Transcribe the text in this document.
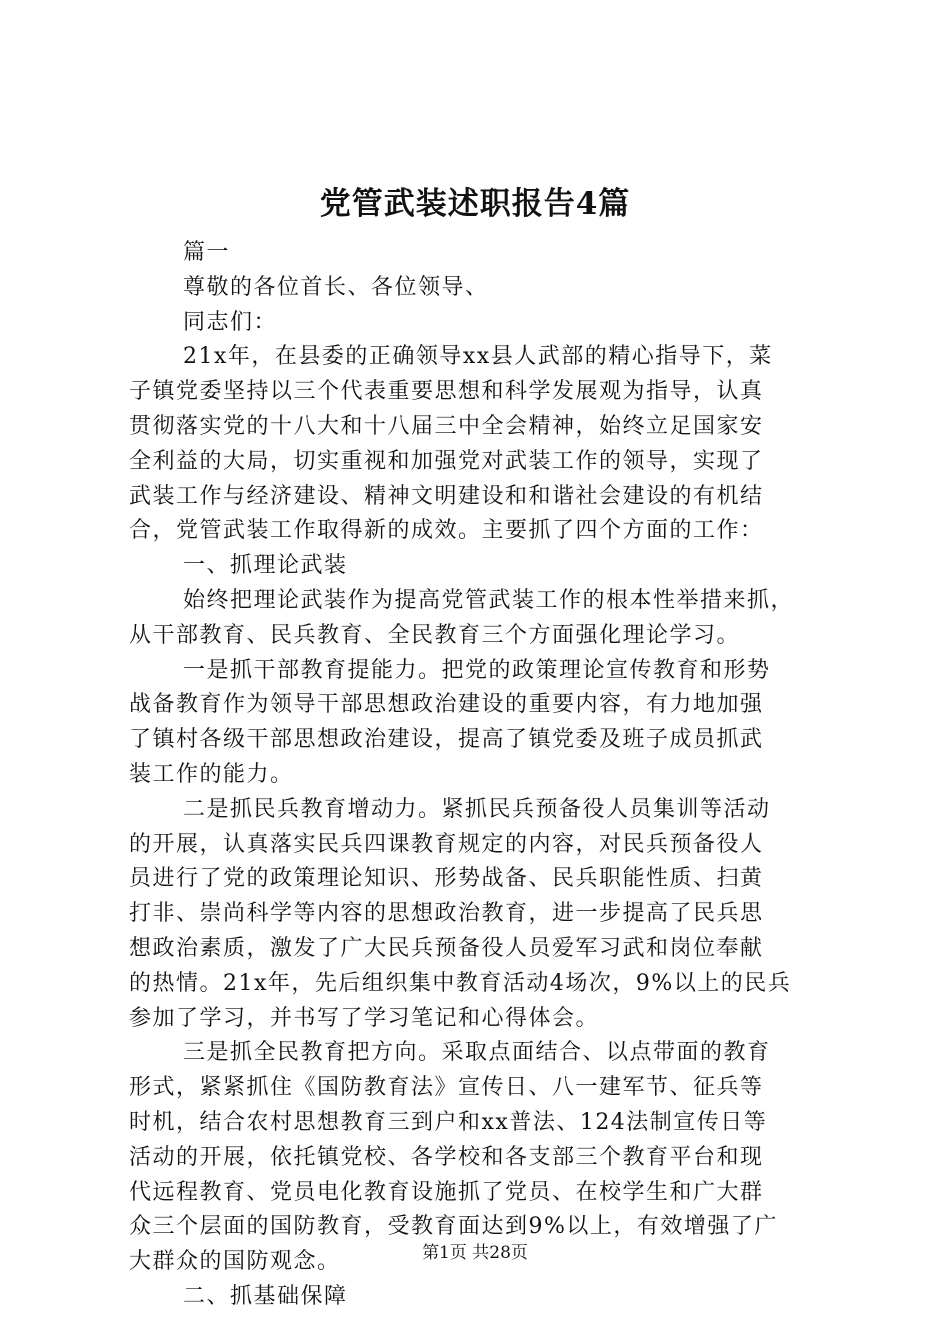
党管武装述职报告4篇
篇一
尊敬的各位首长、各位领导、
同志们：
21x年，在县委的正确领导xx县人武部的精心指导下，菜
子镇党委坚持以三个代表重要思想和科学发展观为指导，认真
贯彻落实党的十八大和十八届三中全会精神，始终立足国家安
全利益的大局，切实重视和加强党对武装工作的领导，实现了
武装工作与经济建设、精神文明建设和和谐社会建设的有机结
合，党管武装工作取得新的成效。主要抓了四个方面的工作：
一、抓理论武装
始终把理论武装作为提高党管武装工作的根本性举措来抓，
从干部教育、民兵教育、全民教育三个方面强化理论学习。
一是抓干部教育提能力。把党的政策理论宣传教育和形势
战备教育作为领导干部思想政治建设的重要内容，有力地加强
了镇村各级干部思想政治建设，提高了镇党委及班子成员抓武
装工作的能力。
二是抓民兵教育增动力。紧抓民兵预备役人员集训等活动
的开展，认真落实民兵四课教育规定的内容，对民兵预备役人
员进行了党的政策理论知识、形势战备、民兵职能性质、扫黄
打非、崇尚科学等内容的思想政治教育，进一步提高了民兵思
想政治素质，激发了广大民兵预备役人员爱军习武和岗位奉献
的热情。21x年，先后组织集中教育活动4场次，9%以上的民兵
参加了学习，并书写了学习笔记和心得体会。
三是抓全民教育把方向。采取点面结合、以点带面的教育
形式，紧紧抓住《国防教育法》宣传日、八一建军节、征兵等
时机，结合农村思想教育三到户和xx普法、124法制宣传日等
活动的开展，依托镇党校、各学校和各支部三个教育平台和现
代远程教育、党员电化教育设施抓了党员、在校学生和广大群
众三个层面的国防教育，受教育面达到9%以上，有效增强了广
大群众的国防观念。
二、抓基础保障
第1页 共28页
